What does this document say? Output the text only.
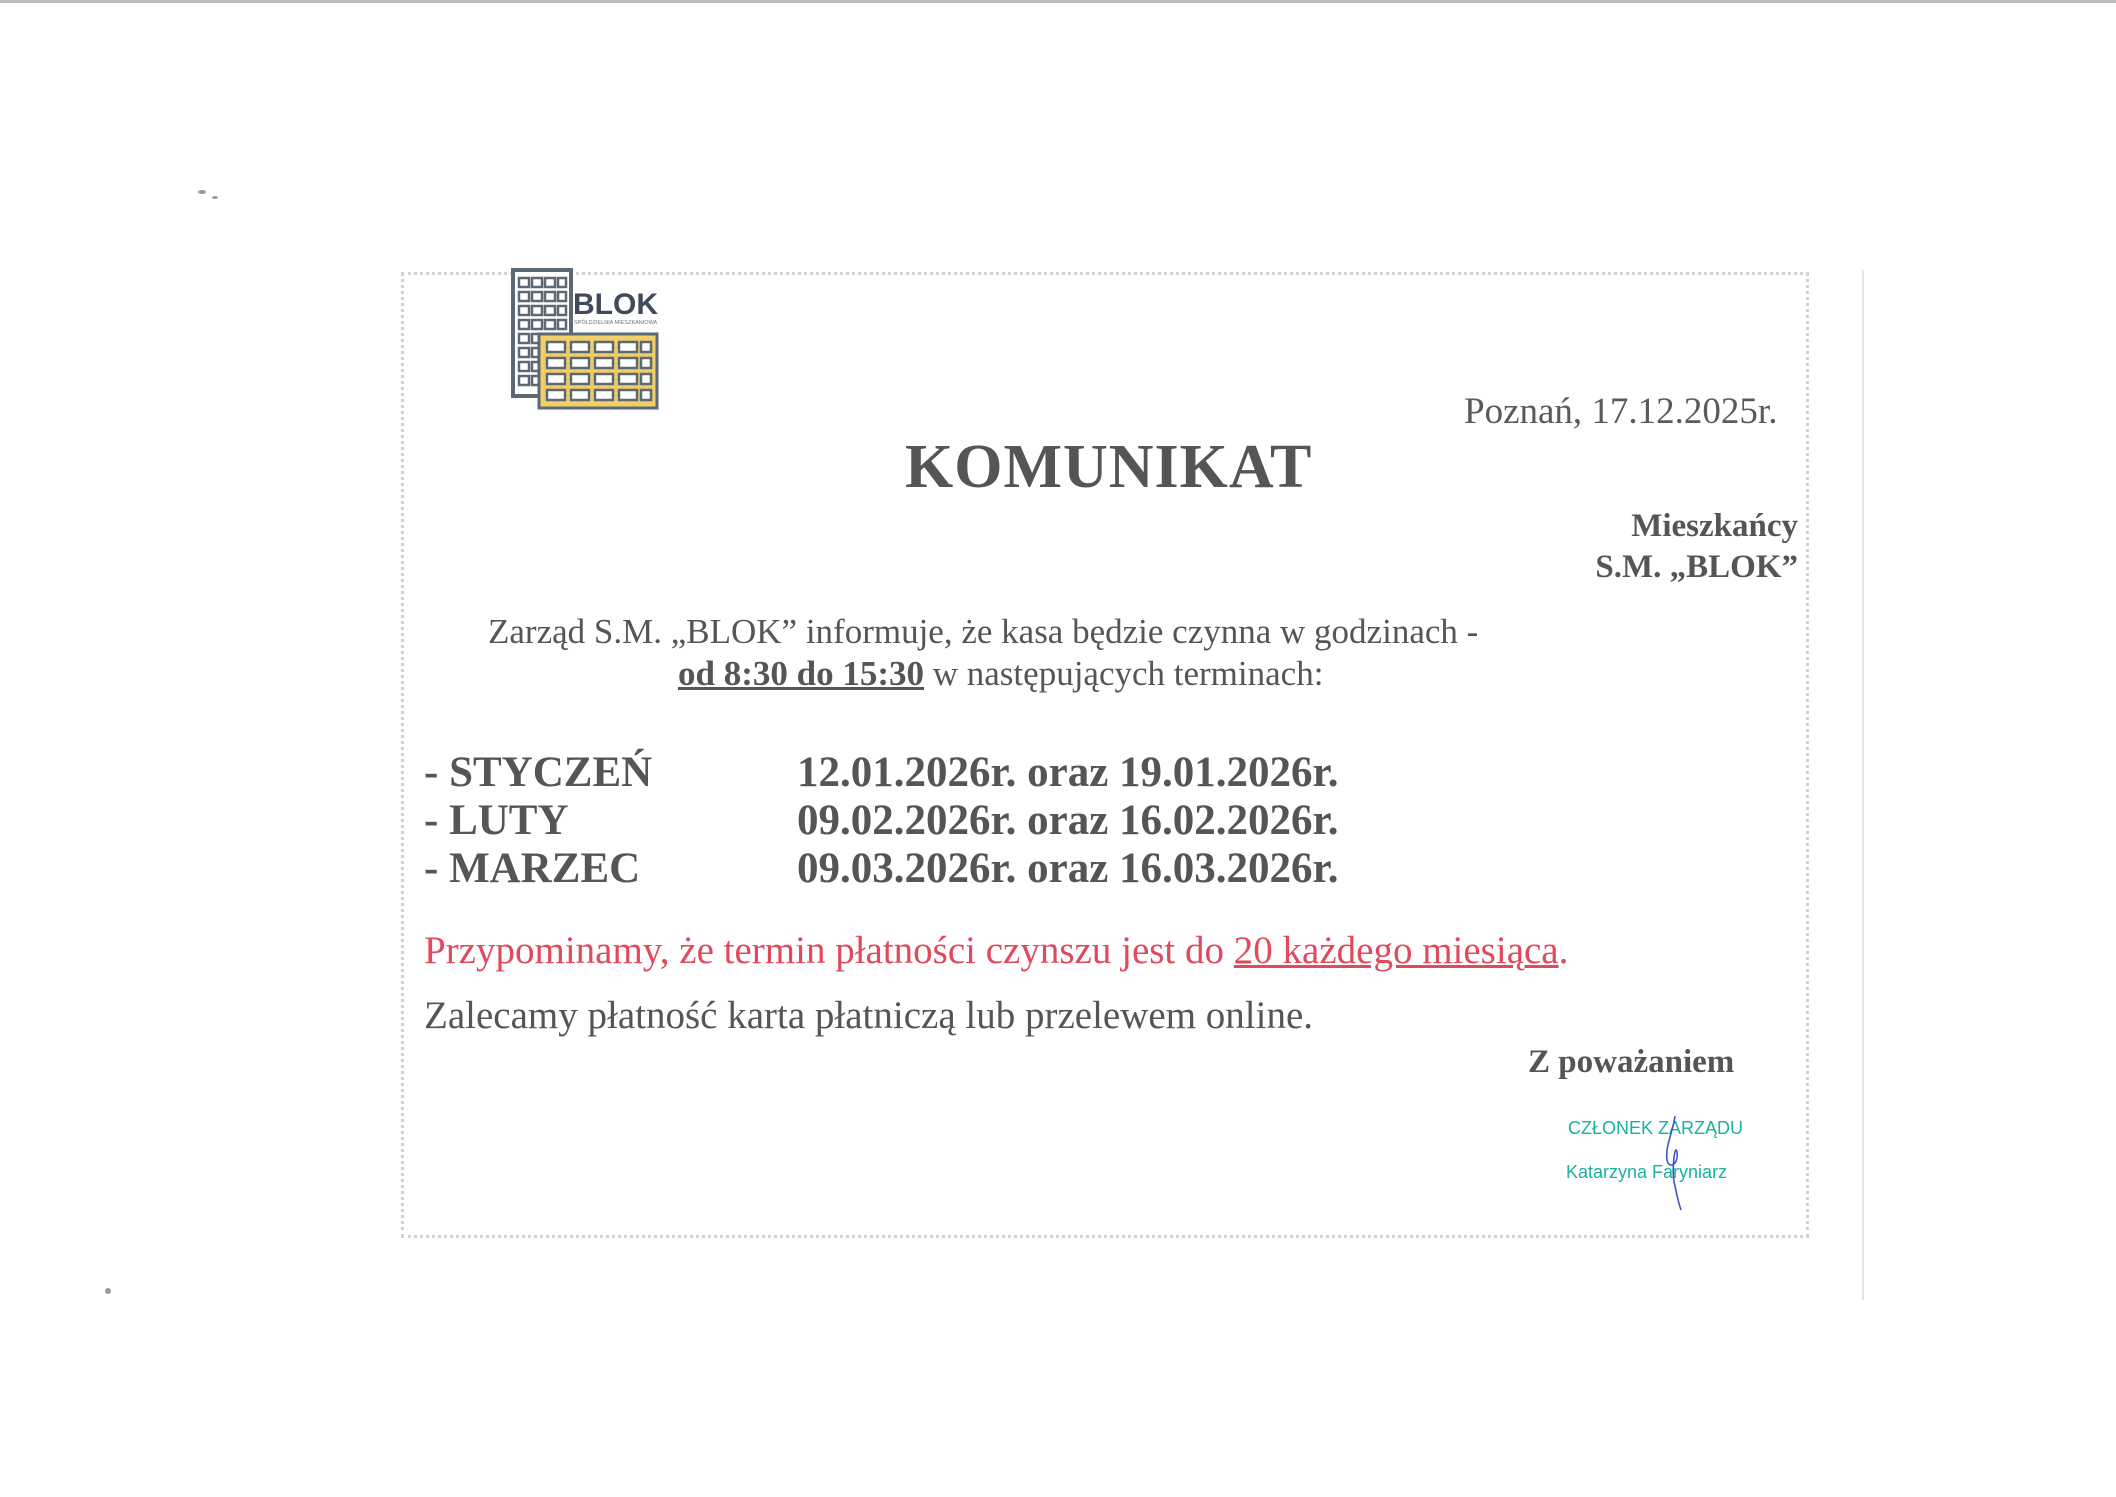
BLOK
SPÓŁDZIELNIA MIESZKANIOWA
Poznań, 17.12.2025r.
KOMUNIKAT
Mieszkańcy
S.M. „BLOK”
Zarząd S.M. „BLOK” informuje, że kasa będzie czynna w godzinach -
od 8:30 do 15:30 w następujących terminach:
- STYCZEŃ	12.01.2026r. oraz 19.01.2026r.
- LUTY	09.02.2026r. oraz 16.02.2026r.
- MARZEC	09.03.2026r. oraz 16.03.2026r.
Przypominamy, że termin płatności czynszu jest do 20 każdego miesiąca.
Zalecamy płatność karta płatniczą lub przelewem online.
Z poważaniem
CZŁONEK ZARZĄDU
Katarzyna Faryniarz
